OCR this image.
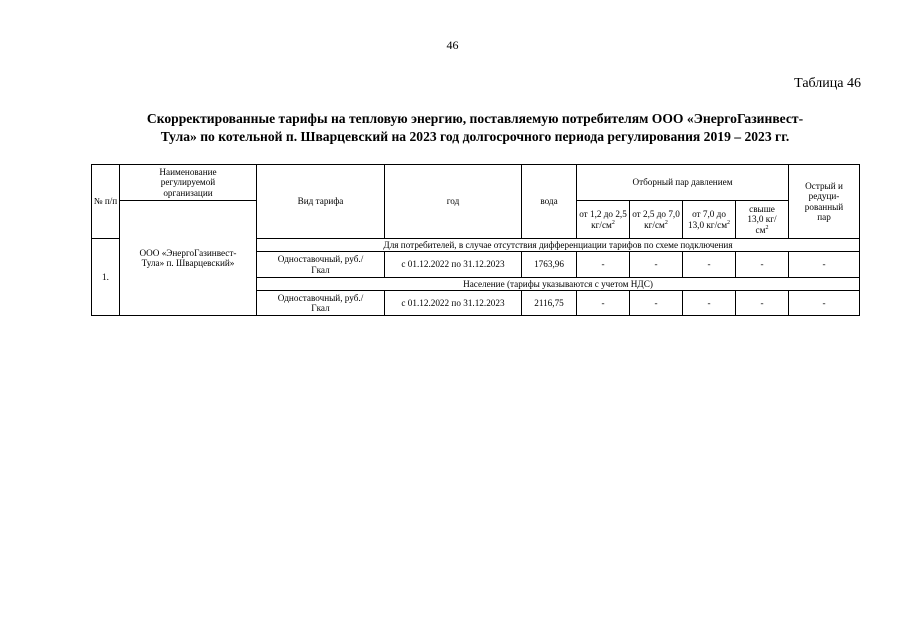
46
Таблица 46
Скорректированные тарифы на тепловую энергию, поставляемую потребителям ООО «ЭнергоГазинвест-
Тула» по котельной п. Шварцевский на 2023 год долгосрочного периода регулирования 2019 – 2023 гг.
№ п/п	Наименование регулируемой организации	Вид тарифа	год	вода	Отборный пар давлением				Острый и редуци-рованный пар
	ООО «ЭнергоГазинвест-Тула» п. Шварцевский»				от 1,2 до 2,5 $кг/см^2$	от 2,5 до 7,0 $кг/см^2$	от 7,0 до 13,0 $кг/см^2$	свыше 13,0 $кг/см^2$
1.		Для потребителей, в случае отсутствия дифференциации тарифов по схеме подключения							
		Одноставочный, руб./Гкал	с 01.12.2022 по 31.12.2023	1763,96	-	-	-	-	-
		Население (тарифы указываются с учетом НДС)							
		Одноставочный, руб./Гкал	с 01.12.2022 по 31.12.2023	2116,75	-	-	-	-	-
